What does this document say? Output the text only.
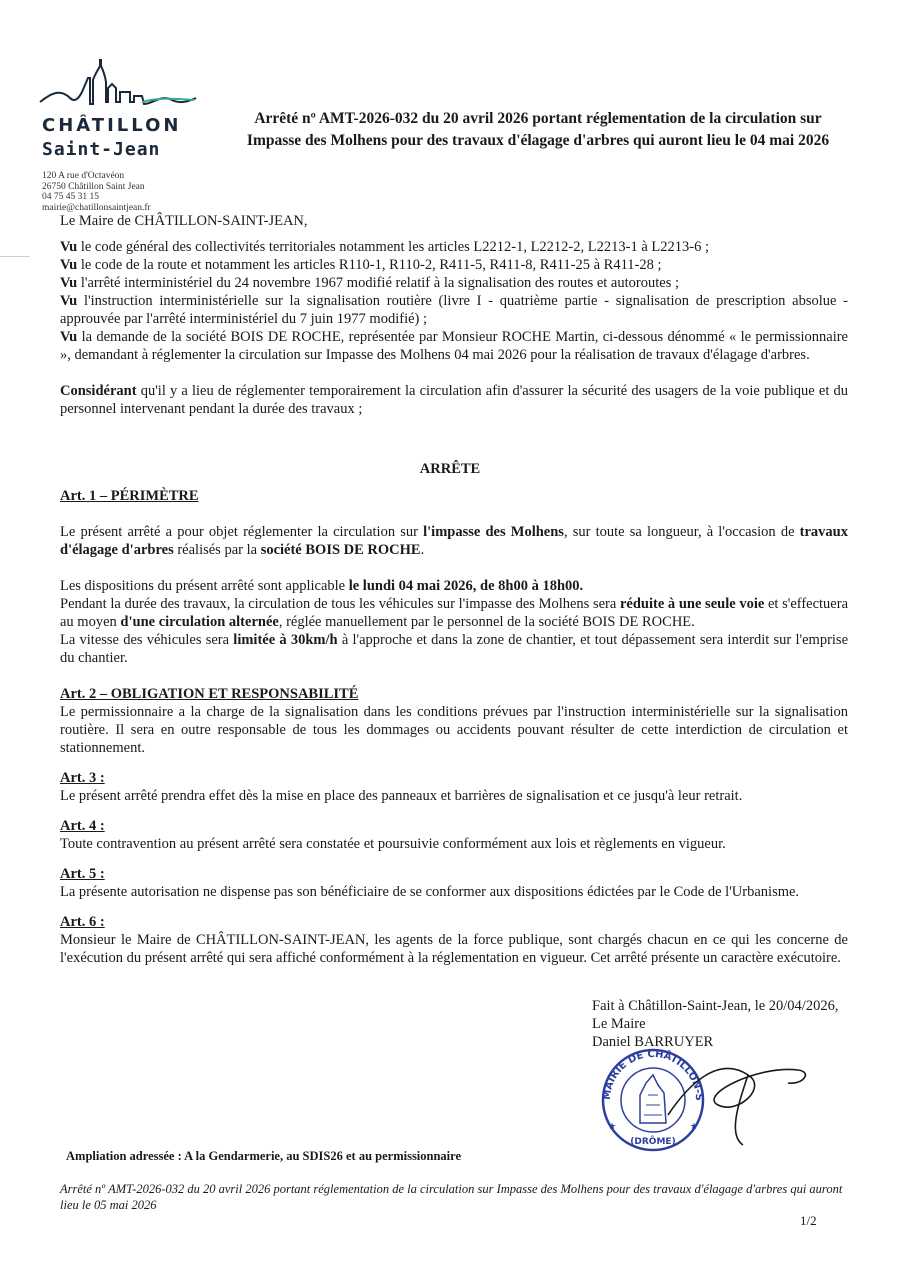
CHÂTILLON
Saint-Jean
120 A rue d'Octavéon
26750 Châtillon Saint Jean
04 75 45 31 15
mairie@chatillonsaintjean.fr
Arrêté nº AMT-2026-032 du 20 avril 2026 portant réglementation de la circulation sur
Impasse des Molhens pour des travaux d'élagage d'arbres qui auront lieu le 04 mai 2026

Le Maire de CHÂTILLON-SAINT-JEAN,

Vu le code général des collectivités territoriales notamment les articles L2212-1, L2212-2, L2213-1 à L2213-6 ;

Vu le code de la route et notamment les articles R110-1, R110-2, R411-5, R411-8, R411-25 à R411-28 ;

Vu l'arrêté interministériel du 24 novembre 1967 modifié relatif à la signalisation des routes et autoroutes ;

Vu l'instruction interministérielle sur la signalisation routière (livre I - quatrième partie - signalisation de prescription absolue - approuvée par l'arrêté interministériel du 7 juin 1977 modifié) ;

Vu la demande de la société BOIS DE ROCHE, représentée par Monsieur ROCHE Martin, ci-dessous dénommé « le permissionnaire », demandant à réglementer la circulation sur Impasse des Molhens 04 mai 2026 pour la réalisation de travaux d'élagage d'arbres.

Considérant qu'il y a lieu de réglementer temporairement la circulation afin d'assurer la sécurité des usagers de la voie publique et du personnel intervenant pendant la durée des travaux ;

ARRÊTE

Art. 1 – PÉRIMÈTRE

Le présent arrêté a pour objet réglementer la circulation sur l'impasse des Molhens, sur toute sa longueur, à l'occasion de travaux d'élagage d'arbres réalisés par la société BOIS DE ROCHE.

Les dispositions du présent arrêté sont applicable le lundi 04 mai 2026, de 8h00 à 18h00.

Pendant la durée des travaux, la circulation de tous les véhicules sur l'impasse des Molhens sera réduite à une seule voie et s'effectuera au moyen d'une circulation alternée, réglée manuellement par le personnel de la société BOIS DE ROCHE.

La vitesse des véhicules sera limitée à 30km/h à l'approche et dans la zone de chantier, et tout dépassement sera interdit sur l'emprise du chantier.

Art. 2 – OBLIGATION ET RESPONSABILITÉ

Le permissionnaire a la charge de la signalisation dans les conditions prévues par l'instruction interministérielle sur la signalisation routière. Il sera en outre responsable de tous les dommages ou accidents pouvant résulter de cette interdiction de circulation et stationnement.

Art. 3 :

Le présent arrêté prendra effet dès la mise en place des panneaux et barrières de signalisation et ce jusqu'à leur retrait.

Art. 4 :

Toute contravention au présent arrêté sera constatée et poursuivie conformément aux lois et règlements en vigueur.

Art. 5 :

La présente autorisation ne dispense pas son bénéficiaire de se conformer aux dispositions édictées par le Code de l'Urbanisme.

Art. 6 :

Monsieur le Maire de CHÂTILLON-SAINT-JEAN, les agents de la force publique, sont chargés chacun en ce qui les concerne de l'exécution du présent arrêté qui sera affiché conformément à la réglementation en vigueur. Cet arrêté présente un caractère exécutoire.

Fait à Châtillon-Saint-Jean, le 20/04/2026,
Le Maire
Daniel BARRUYER
MAIRIE DE CHÂTILLON-S
(DRÔME)
★	★
Ampliation adressée : A la Gendarmerie, au SDIS26 et au permissionnaire
Arrêté nº AMT-2026-032 du 20 avril 2026 portant réglementation de la circulation sur Impasse des Molhens pour des travaux d'élagage d'arbres qui auront lieu le 05 mai 2026
1/2
